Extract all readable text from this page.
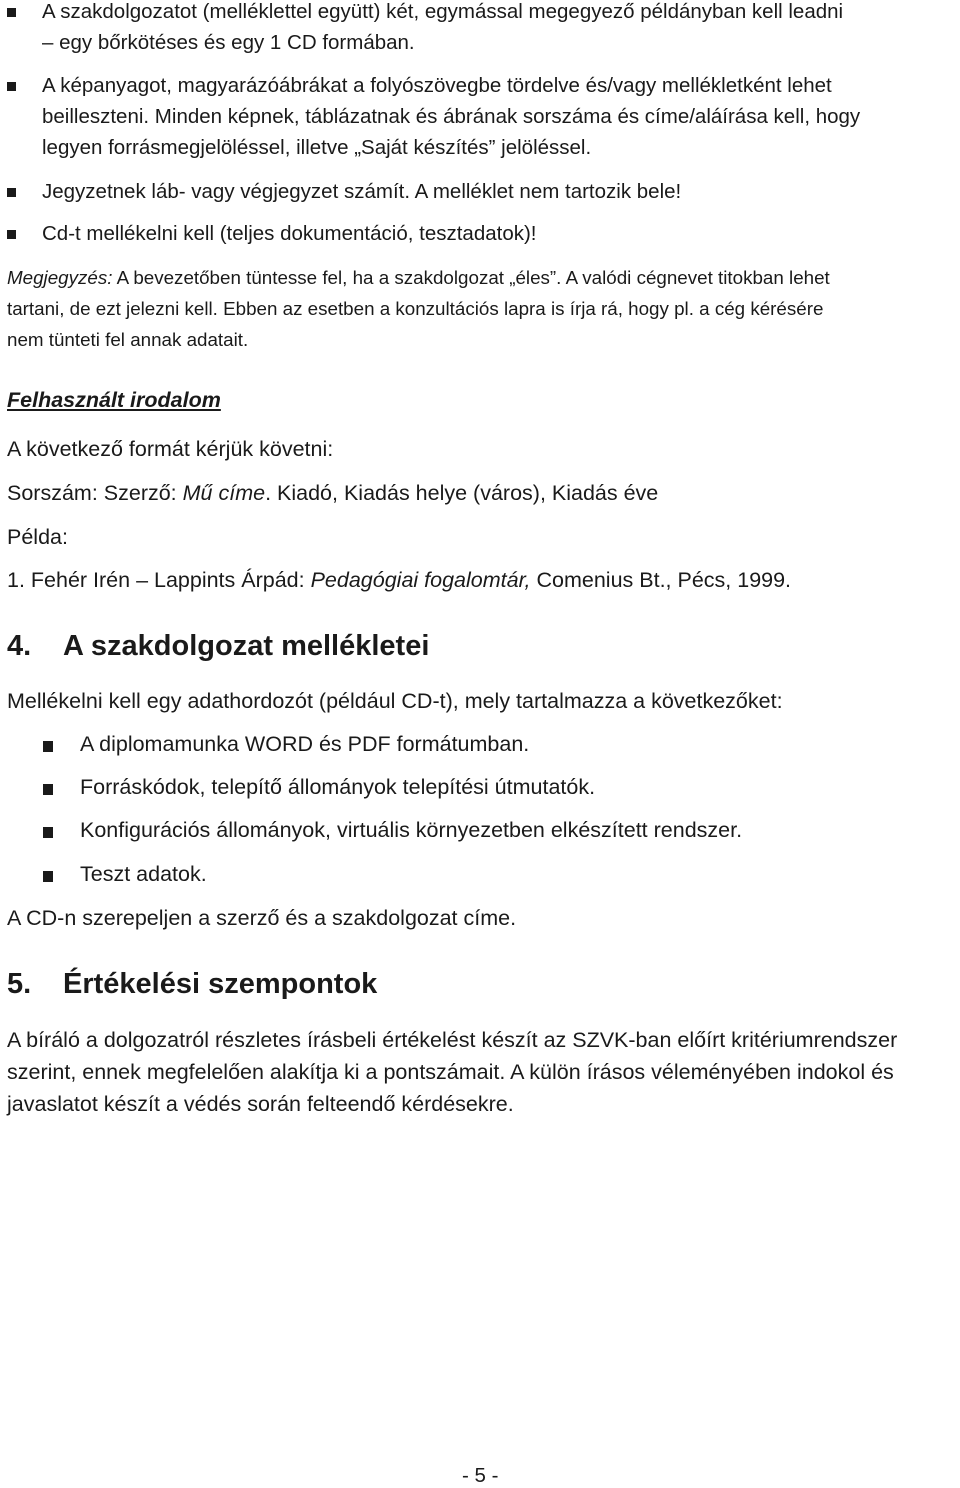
A szakdolgozatot (melléklettel együtt) két, egymással megegyező példányban kell leadni
– egy bőrkötéses és egy 1 CD formában.
A képanyagot, magyarázóábrákat a folyószövegbe tördelve és/vagy mellékletként lehet
beilleszteni. Minden képnek, táblázatnak és ábrának sorszáma és címe/aláírása kell, hogy
legyen forrásmegjelöléssel, illetve „Saját készítés” jelöléssel.
Jegyzetnek láb- vagy végjegyzet számít. A melléklet nem tartozik bele!
Cd-t mellékelni kell (teljes dokumentáció, tesztadatok)!
Megjegyzés: A bevezetőben tüntesse fel, ha a szakdolgozat „éles”. A valódi cégnevet titokban lehet
tartani, de ezt jelezni kell. Ebben az esetben a konzultációs lapra is írja rá, hogy pl. a cég kérésére
nem tünteti fel annak adatait.
Felhasznált irodalom
A következő formát kérjük követni:
Sorszám: Szerző: Mű címe. Kiadó, Kiadás helye (város), Kiadás éve
Példa:
1. Fehér Irén – Lappints Árpád: Pedagógiai fogalomtár, Comenius Bt., Pécs, 1999.
4. A szakdolgozat mellékletei
Mellékelni kell egy adathordozót (például CD-t), mely tartalmazza a következőket:
A diplomamunka WORD és PDF formátumban.
Forráskódok, telepítő állományok telepítési útmutatók.
Konfigurációs állományok, virtuális környezetben elkészített rendszer.
Teszt adatok.
A CD-n szerepeljen a szerző és a szakdolgozat címe.
5. Értékelési szempontok
A bíráló a dolgozatról részletes írásbeli értékelést készít az SZVK-ban előírt kritériumrendszer
szerint, ennek megfelelően alakítja ki a pontszámait. A külön írásos véleményében indokol és
javaslatot készít a védés során felteendő kérdésekre.
- 5 -
